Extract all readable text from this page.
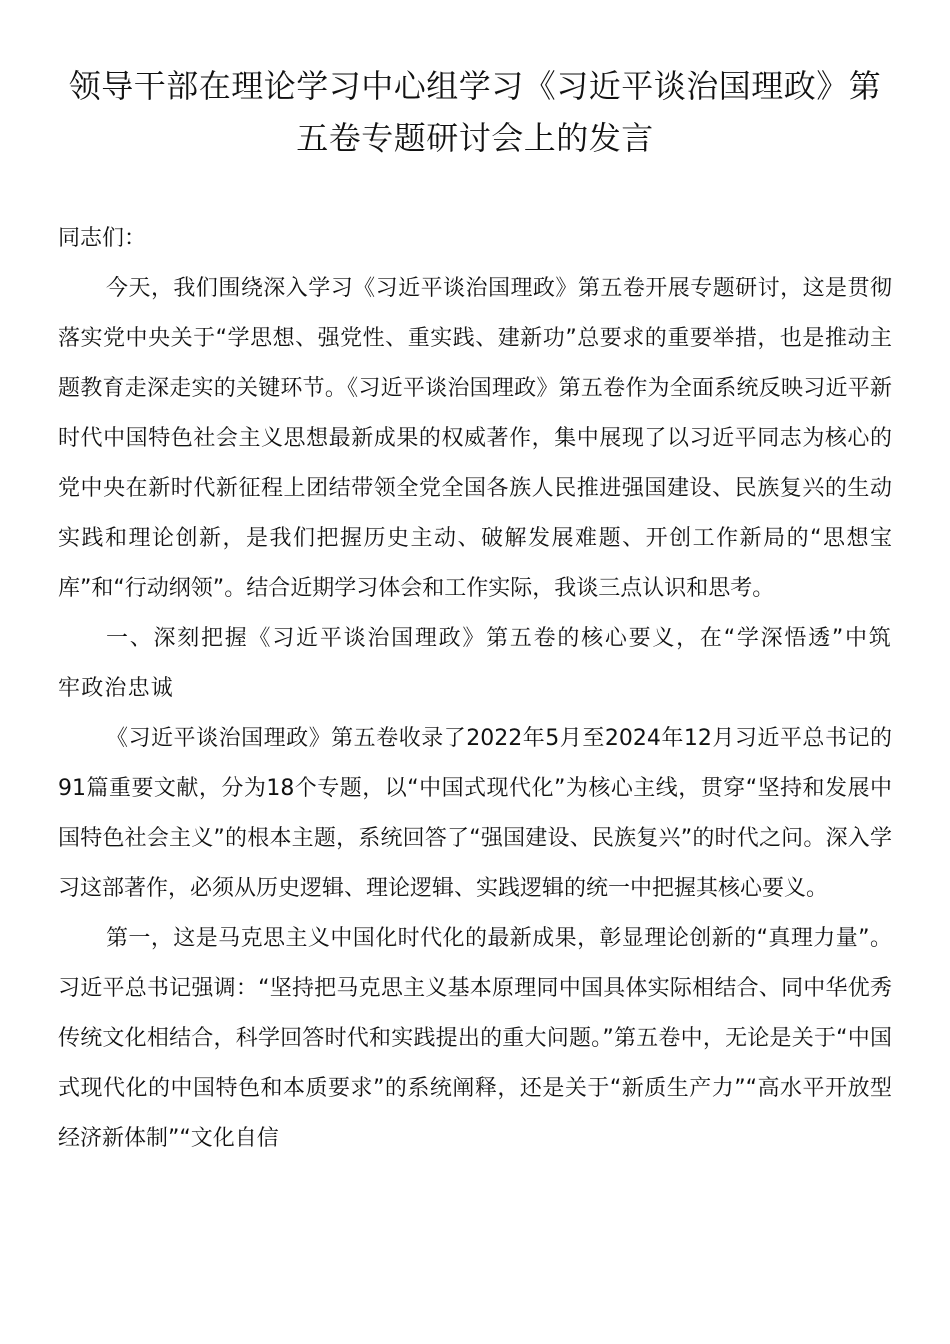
领导干部在理论学习中心组学习《习近平谈治国理政》第五卷专题研讨会上的发言

同志们：

今天，我们围绕深入学习《习近平谈治国理政》第五卷开展专题研讨，这是贯彻落实党中央关于“学思想、强党性、重实践、建新功”总要求的重要举措，也是推动主题教育走深走实的关键环节。《习近平谈治国理政》第五卷作为全面系统反映习近平新时代中国特色社会主义思想最新成果的权威著作，集中展现了以习近平同志为核心的党中央在新时代新征程上团结带领全党全国各族人民推进强国建设、民族复兴的生动实践和理论创新，是我们把握历史主动、破解发展难题、开创工作新局的“思想宝库”和“行动纲领”。结合近期学习体会和工作实际，我谈三点认识和思考。

一、深刻把握《习近平谈治国理政》第五卷的核心要义，在“学深悟透”中筑牢政治忠诚

《习近平谈治国理政》第五卷收录了2022年5月至2024年12月习近平总书记的91篇重要文献，分为18个专题，以“中国式现代化”为核心主线，贯穿“坚持和发展中国特色社会主义”的根本主题，系统回答了“强国建设、民族复兴”的时代之问。深入学习这部著作，必须从历史逻辑、理论逻辑、实践逻辑的统一中把握其核心要义。

第一，这是马克思主义中国化时代化的最新成果，彰显理论创新的“真理力量”。习近平总书记强调：“坚持把马克思主义基本原理同中国具体实际相结合、同中华优秀传统文化相结合，科学回答时代和实践提出的重大问题。”第五卷中，无论是关于“中国式现代化的中国特色和本质要求”的系统阐释，还是关于“新质生产力”“高水平开放型经济新体制”“文化自信
